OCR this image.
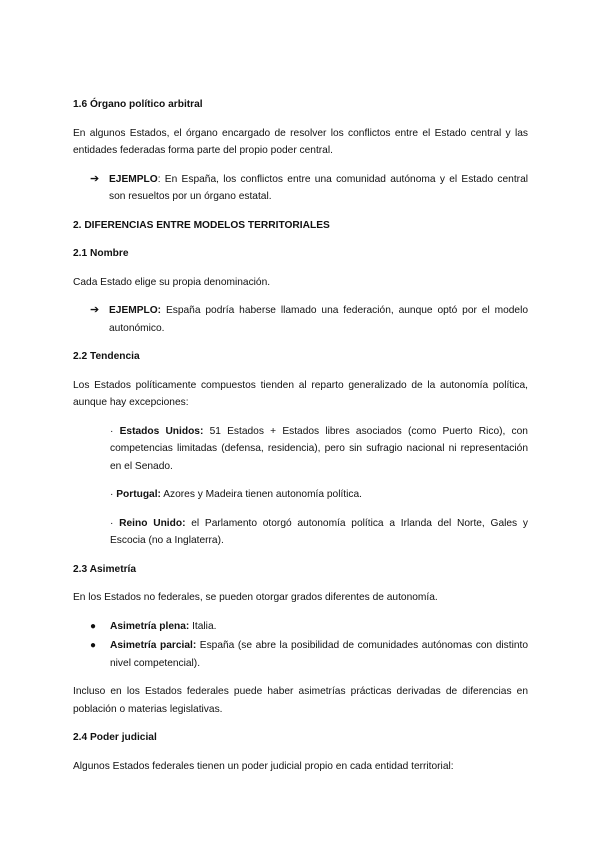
1.6 Órgano político arbitral
En algunos Estados, el órgano encargado de resolver los conflictos entre el Estado central y las entidades federadas forma parte del propio poder central.
➔ EJEMPLO: En España, los conflictos entre una comunidad autónoma y el Estado central son resueltos por un órgano estatal.
2. DIFERENCIAS ENTRE MODELOS TERRITORIALES
2.1 Nombre
Cada Estado elige su propia denominación.
➔ EJEMPLO: España podría haberse llamado una federación, aunque optó por el modelo autonómico.
2.2 Tendencia
Los Estados políticamente compuestos tienden al reparto generalizado de la autonomía política, aunque hay excepciones:
· Estados Unidos: 51 Estados + Estados libres asociados (como Puerto Rico), con competencias limitadas (defensa, residencia), pero sin sufragio nacional ni representación en el Senado.
· Portugal: Azores y Madeira tienen autonomía política.
· Reino Unido: el Parlamento otorgó autonomía política a Irlanda del Norte, Gales y Escocia (no a Inglaterra).
2.3 Asimetría
En los Estados no federales, se pueden otorgar grados diferentes de autonomía.
● Asimetría plena: Italia.
● Asimetría parcial: España (se abre la posibilidad de comunidades autónomas con distinto nivel competencial).
Incluso en los Estados federales puede haber asimetrías prácticas derivadas de diferencias en población o materias legislativas.
2.4 Poder judicial
Algunos Estados federales tienen un poder judicial propio en cada entidad territorial:
